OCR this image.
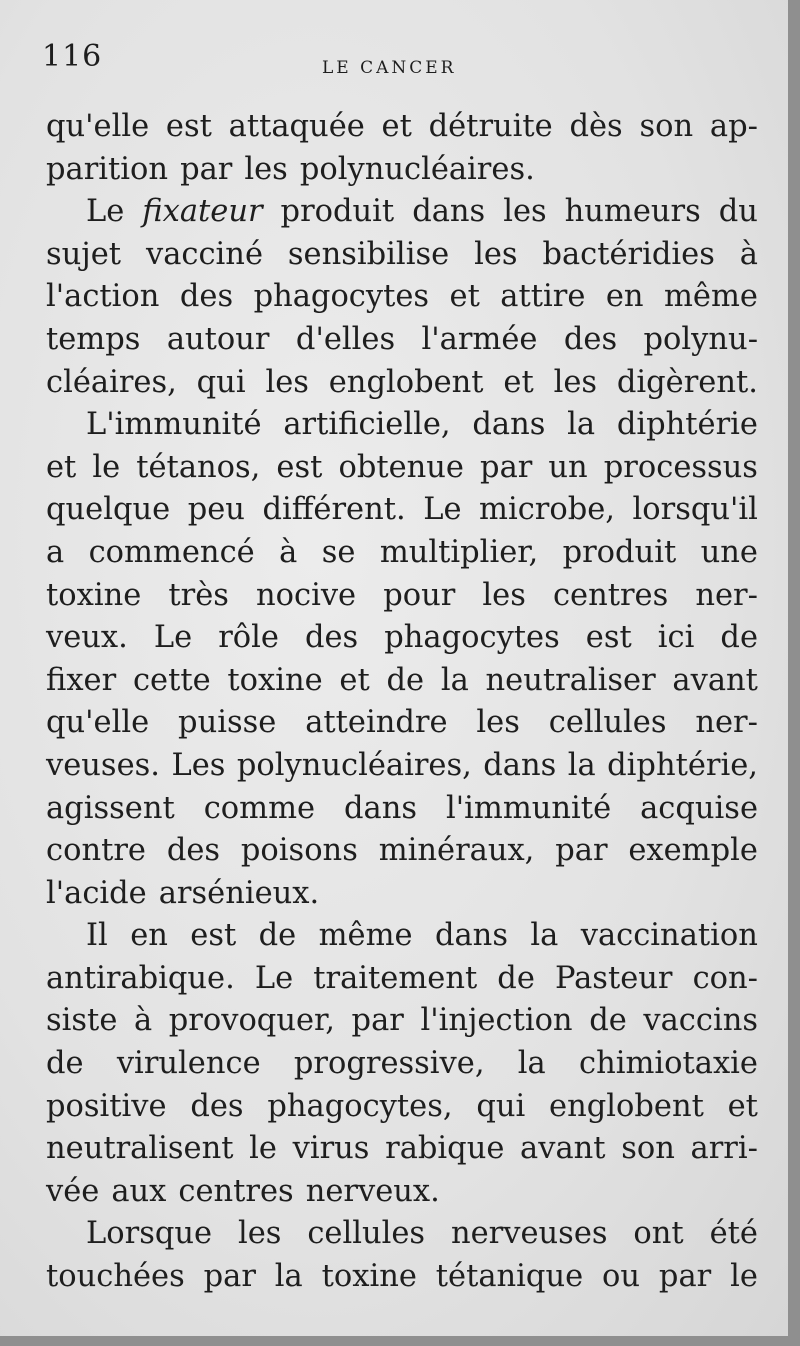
116	LE CANCER
qu'elle est attaquée et détruite dès son ap-
parition par les polynucléaires.
Le fixateur produit dans les humeurs du
sujet vacciné sensibilise les bactéridies à
l'action des phagocytes et attire en même
temps autour d'elles l'armée des polynu-
cléaires, qui les englobent et les digèrent.
L'immunité artificielle, dans la diphtérie
et le tétanos, est obtenue par un processus
quelque peu différent. Le microbe, lorsqu'il
a commencé à se multiplier, produit une
toxine très nocive pour les centres ner-
veux. Le rôle des phagocytes est ici de
fixer cette toxine et de la neutraliser avant
qu'elle puisse atteindre les cellules ner-
veuses. Les polynucléaires, dans la diphtérie,
agissent comme dans l'immunité acquise
contre des poisons minéraux, par exemple
l'acide arsénieux.
Il en est de même dans la vaccination
antirabique. Le traitement de Pasteur con-
siste à provoquer, par l'injection de vaccins
de virulence progressive, la chimiotaxie
positive des phagocytes, qui englobent et
neutralisent le virus rabique avant son arri-
vée aux centres nerveux.
Lorsque les cellules nerveuses ont été
touchées par la toxine tétanique ou par le
